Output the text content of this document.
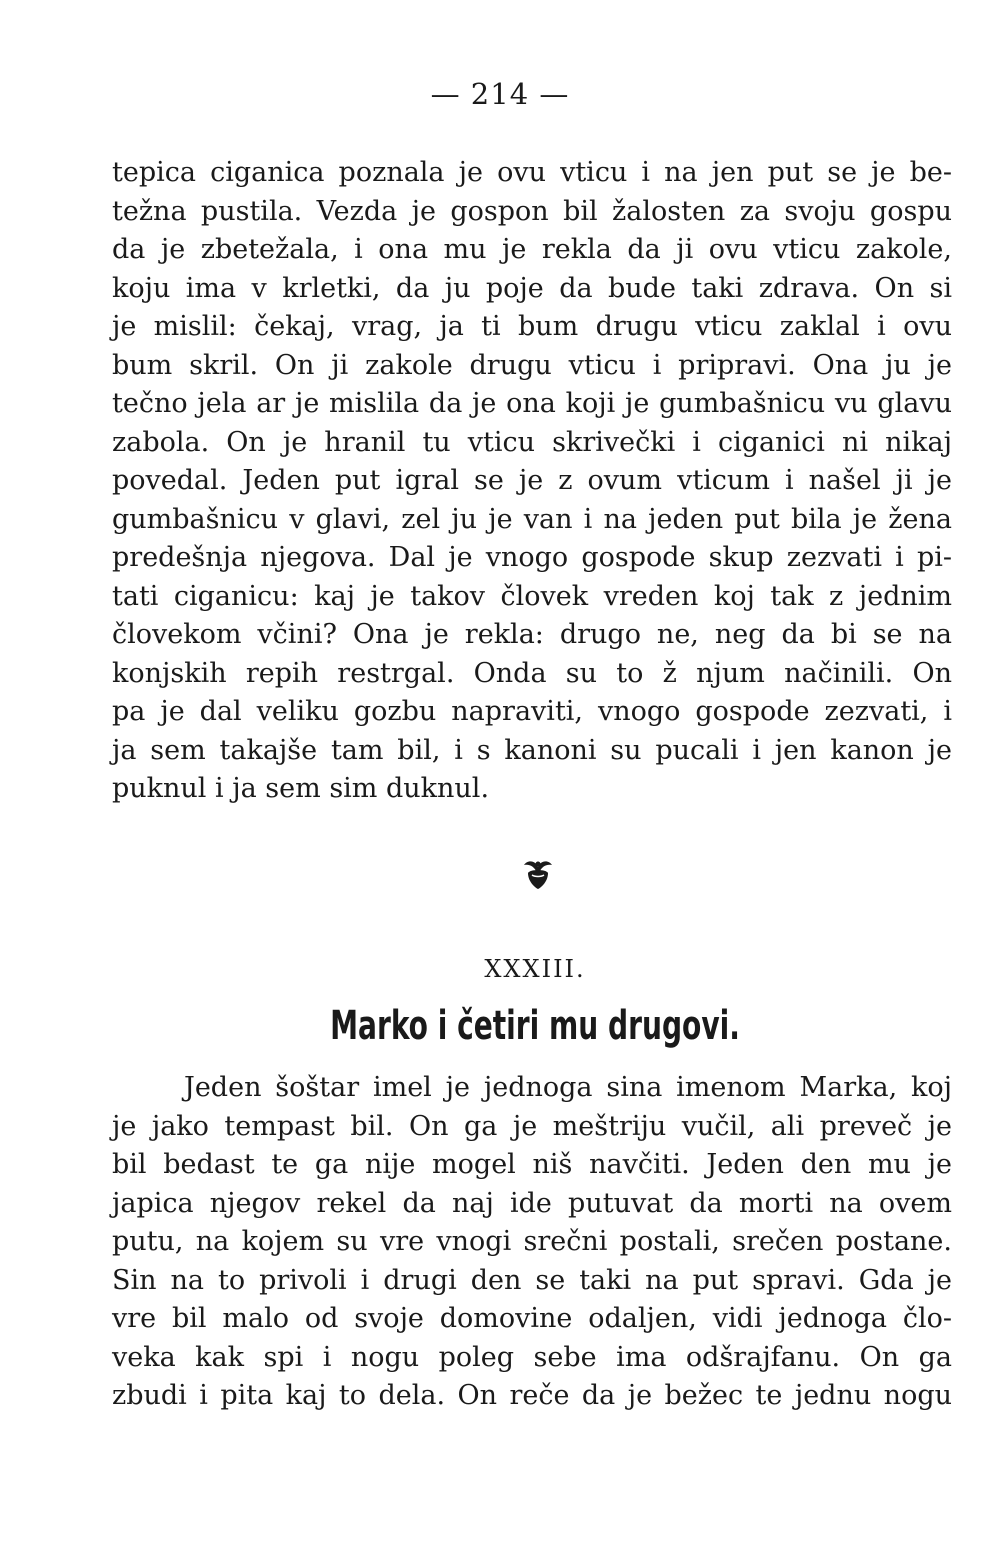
— 214 —
tepica ciganica poznala je ovu vticu i na jen put se je be-
težna pustila. Vezda je gospon bil žalosten za svoju gospu
da je zbetežala, i ona mu je rekla da ji ovu vticu zakole,
koju ima v krletki, da ju poje da bude taki zdrava. On si
je mislil: čekaj, vrag, ja ti bum drugu vticu zaklal i ovu
bum skril. On ji zakole drugu vticu i pripravi. Ona ju je
tečno jela ar je mislila da je ona koji je gumbašnicu vu glavu
zabola. On je hranil tu vticu skrivečki i ciganici ni nikaj
povedal. Jeden put igral se je z ovum vticum i našel ji je
gumbašnicu v glavi, zel ju je van i na jeden put bila je žena
predešnja njegova. Dal je vnogo gospode skup zezvati i pi-
tati ciganicu: kaj je takov človek vreden koj tak z jednim
človekom včini? Ona je rekla: drugo ne, neg da bi se na
konjskih repih restrgal. Onda su to ž njum načinili. On
pa je dal veliku gozbu napraviti, vnogo gospode zezvati, i
ja sem takajše tam bil, i s kanoni su pucali i jen kanon je
puknul i ja sem sim duknul.
XXXIII.
Marko i četiri mu drugovi.
Jeden šoštar imel je jednoga sina imenom Marka, koj
je jako tempast bil. On ga je meštriju vučil, ali preveč je
bil bedast te ga nije mogel niš navčiti. Jeden den mu je
japica njegov rekel da naj ide putuvat da morti na ovem
putu, na kojem su vre vnogi srečni postali, srečen postane.
Sin na to privoli i drugi den se taki na put spravi. Gda je
vre bil malo od svoje domovine odaljen, vidi jednoga člo-
veka kak spi i nogu poleg sebe ima odšrajfanu. On ga
zbudi i pita kaj to dela. On reče da je bežec te jednu nogu
